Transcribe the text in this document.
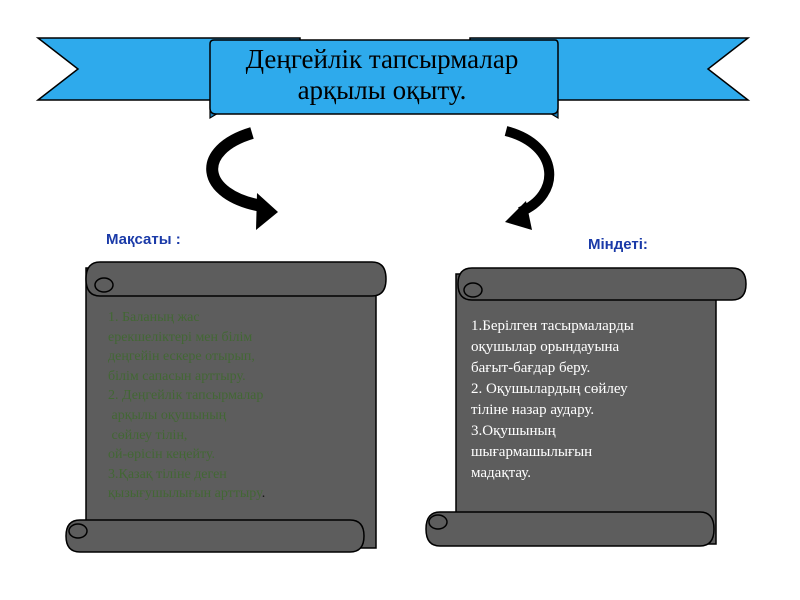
Деңгейлік тапсырмалар
арқылы оқыту.
Мақсаты :	Міндеті:
1. Баланың жас
ерекшеліктері мен білім
деңгейін ескере отырып,
білім сапасын арттыру.
2. Деңгейлік тапсырмалар
арқылы оқушының
сөйлеу тілін,
ой-өрісін кеңейту.
3.Қазақ тіліне деген
қызығушылығын арттыру.
1.Берілген тасырмаларды
оқушылар орындауына
бағыт-бағдар беру.
2. Оқушылардың сөйлеу
тіліне назар аудару.
3.Оқушының
шығармашылығын
мадақтау.
